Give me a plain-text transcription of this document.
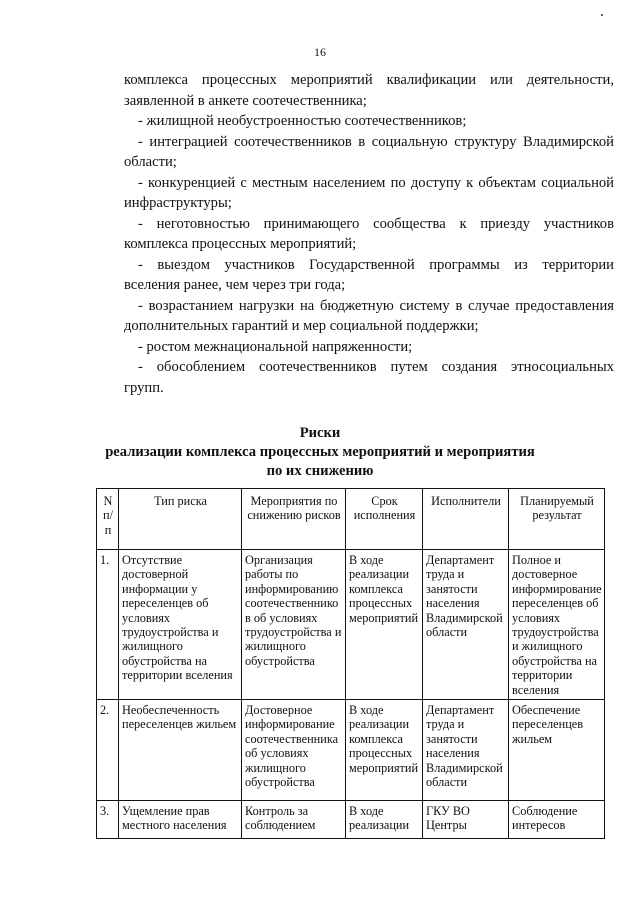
16

комплекса процессных мероприятий квалификации или деятельности,

заявленной в анкете соотечественника;

- жилищной необустроенностью соотечественников;

- интеграцией соотечественников в социальную структуру Владимирской

области;

- конкуренцией с местным населением по доступу к объектам социальной

инфраструктуры;

- неготовностью принимающего сообщества к приезду участников

комплекса процессных мероприятий;

- выездом участников Государственной программы из территории

вселения ранее, чем через три года;

- возрастанием нагрузки на бюджетную систему в случае предоставления

дополнительных гарантий и мер социальной поддержки;

- ростом межнациональной напряженности;

- обособлением соотечественников путем создания этносоциальных

групп.

Риски
реализации комплекса процессных мероприятий и мероприятия
по их снижению
N п/п	Тип риска	Мероприятия по снижению рисков	Срок исполнения	Исполнители	Планируемый результат
1.	Отсутствие достоверной информации у переселенцев об условиях трудоустройства и жилищного обустройства на территории вселения	Организация работы по информированию соотечественников об условиях трудоустройства и жилищного обустройства	В ходе реализации комплекса процессных мероприятий	Департамент труда и занятости населения Владимирской области	Полное и достоверное информирование переселенцев об условиях трудоустройства и жилищного обустройства на территории вселения
2.	Необеспеченность переселенцев жильем	Достоверное информирование соотечественника об условиях жилищного обустройства	В ходе реализации комплекса процессных мероприятий	Департамент труда и занятости населения Владимирской области	Обеспечение переселенцев жильем
3.	Ущемление прав местного населения	Контроль за соблюдением	В ходе реализации	ГКУ ВО Центры	Соблюдение интересов
